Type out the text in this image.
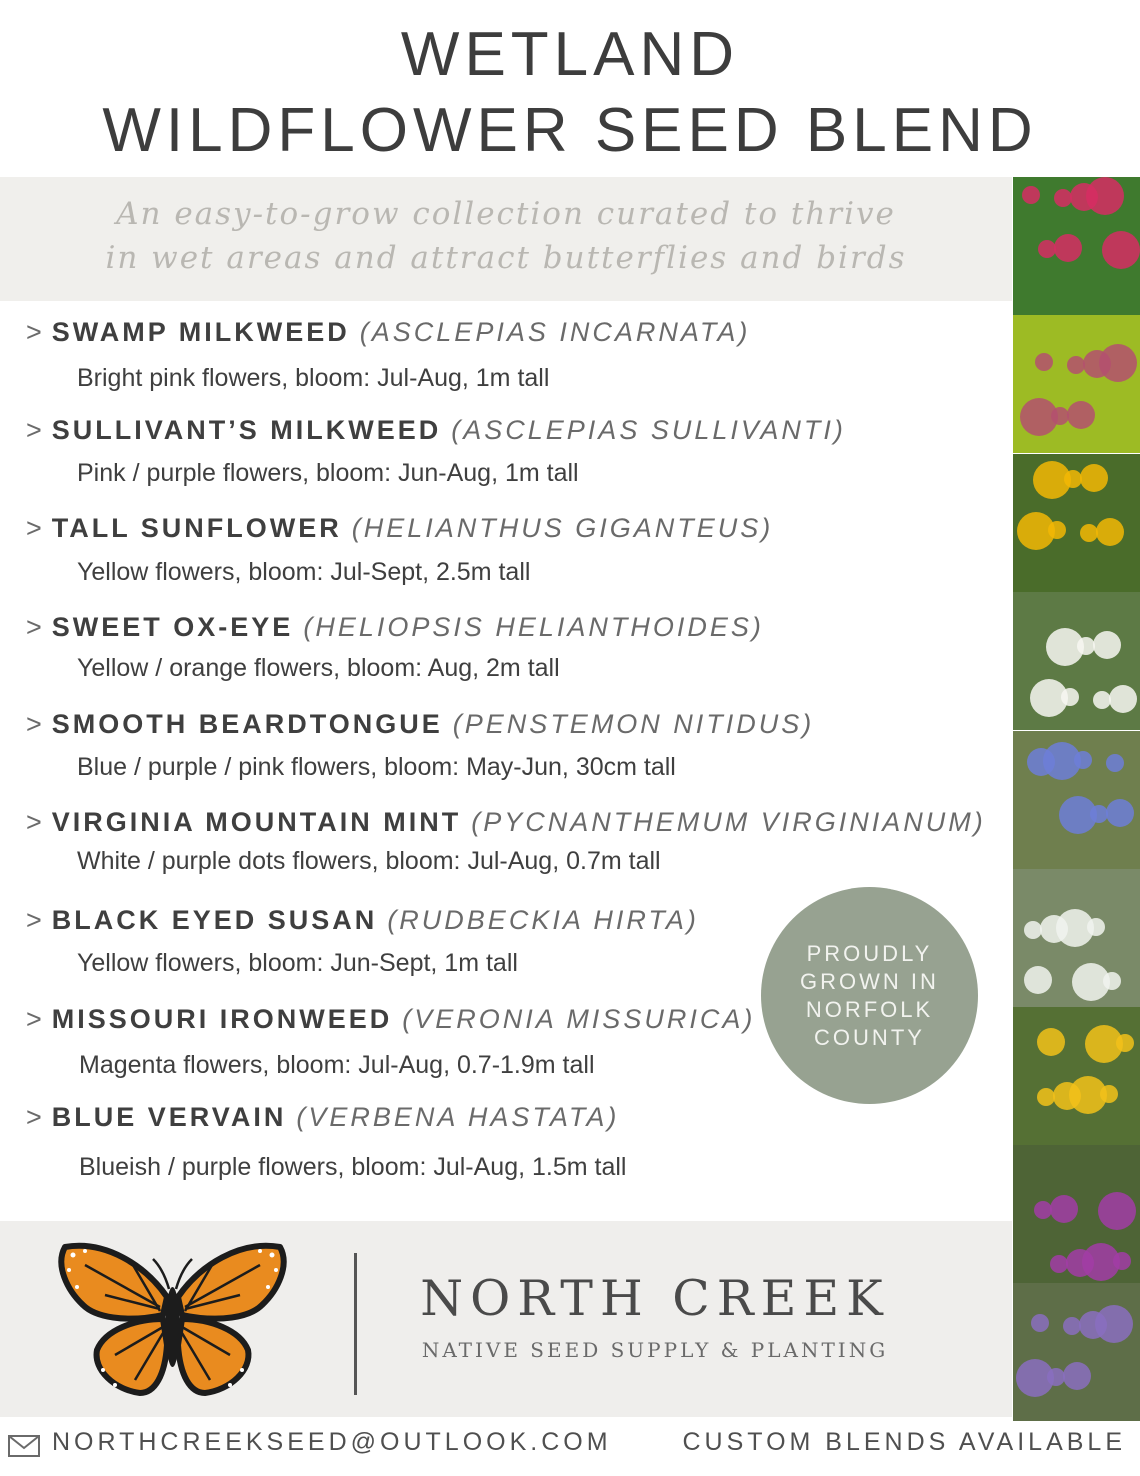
WETLAND
WILDFLOWER SEED BLEND
An easy-to-grow collection curated to thrive
in wet areas and attract butterflies and birds
> SWAMP MILKWEED (ASCLEPIAS INCARNATA)
Bright pink flowers, bloom: Jul-Aug, 1m tall
> SULLIVANT’S MILKWEED (ASCLEPIAS SULLIVANTI)
Pink / purple flowers, bloom: Jun-Aug, 1m tall
> TALL SUNFLOWER (HELIANTHUS GIGANTEUS)
Yellow flowers, bloom: Jul-Sept, 2.5m tall
> SWEET OX-EYE (HELIOPSIS HELIANTHOIDES)
Yellow / orange flowers, bloom: Aug, 2m tall
> SMOOTH BEARDTONGUE (PENSTEMON NITIDUS)
Blue / purple / pink flowers, bloom: May-Jun, 30cm tall
> VIRGINIA MOUNTAIN MINT (PYCNANTHEMUM VIRGINIANUM)
White / purple dots flowers, bloom: Jul-Aug, 0.7m tall
> BLACK EYED SUSAN (RUDBECKIA HIRTA)
Yellow flowers, bloom: Jun-Sept, 1m tall
> MISSOURI IRONWEED (VERONIA MISSURICA)
Magenta flowers, bloom: Jul-Aug, 0.7-1.9m tall
> BLUE VERVAIN (VERBENA HASTATA)
Blueish / purple flowers, bloom: Jul-Aug, 1.5m tall
PROUDLY
GROWN IN
NORFOLK
COUNTY
NORTH CREEK
NATIVE SEED SUPPLY & PLANTING
NORTHCREEKSEED@OUTLOOK.COM	CUSTOM BLENDS AVAILABLE
